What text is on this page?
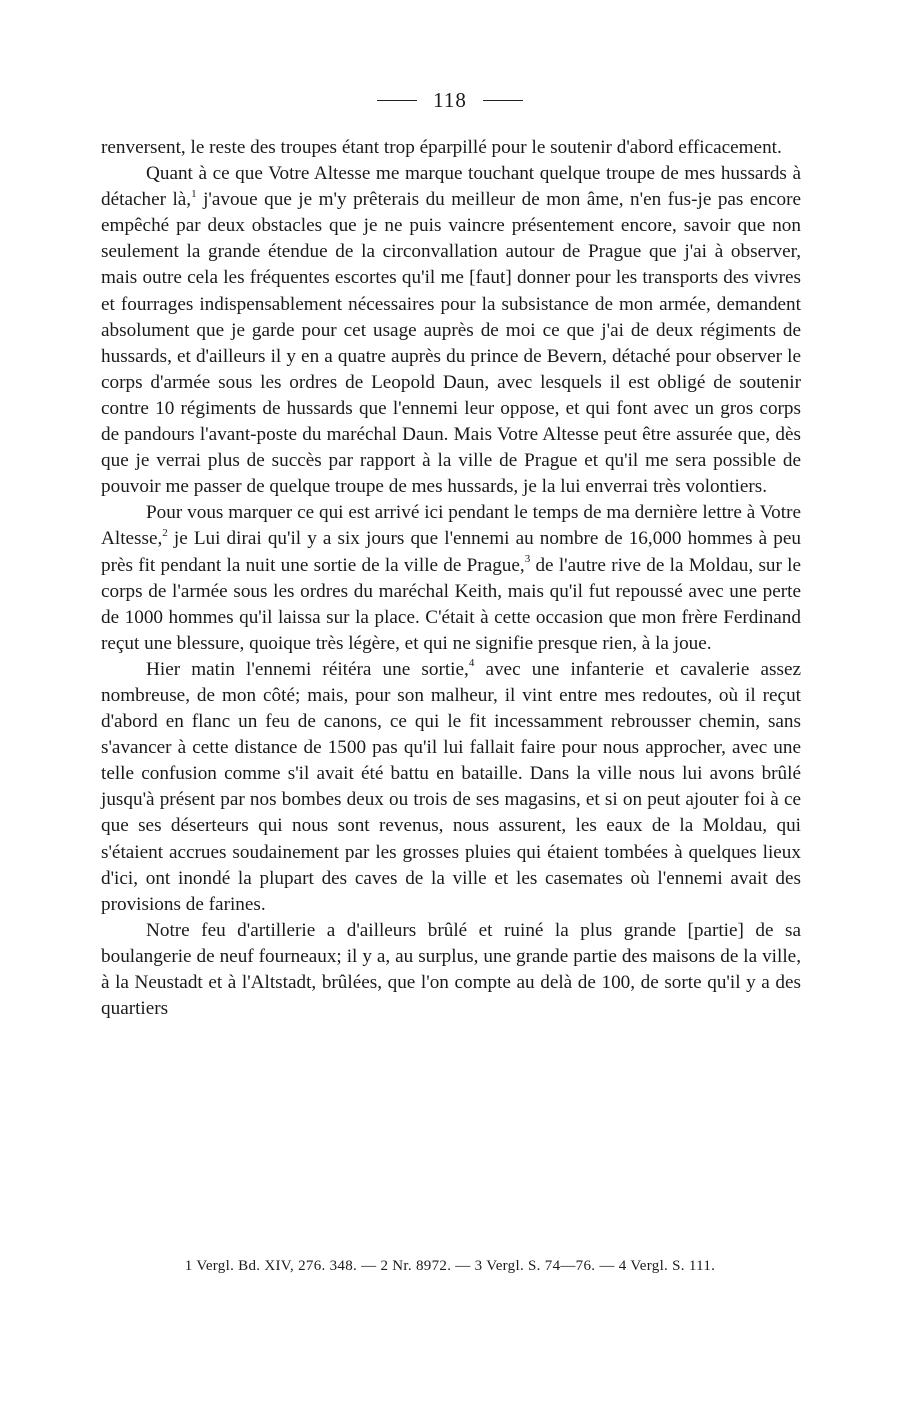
118

renversent, le reste des troupes étant trop éparpillé pour le soutenir d'abord efficacement.

Quant à ce que Votre Altesse me marque touchant quelque troupe de mes hussards à détacher là,$^1$ j'avoue que je m'y prêterais du meilleur de mon âme, n'en fus-je pas encore empêché par deux obstacles que je ne puis vaincre présentement encore, savoir que non seulement la grande étendue de la circonvallation autour de Prague que j'ai à observer, mais outre cela les fréquentes escortes qu'il me [faut] donner pour les transports des vivres et fourrages indispensablement nécessaires pour la subsistance de mon armée, demandent absolument que je garde pour cet usage auprès de moi ce que j'ai de deux régiments de hussards, et d'ailleurs il y en a quatre auprès du prince de Bevern, détaché pour observer le corps d'armée sous les ordres de Leopold Daun, avec lesquels il est obligé de soutenir contre 10 régiments de hussards que l'ennemi leur oppose, et qui font avec un gros corps de pandours l'avant-poste du maréchal Daun. Mais Votre Altesse peut être assurée que, dès que je verrai plus de succès par rapport à la ville de Prague et qu'il me sera possible de pouvoir me passer de quelque troupe de mes hussards, je la lui enverrai très volontiers.

Pour vous marquer ce qui est arrivé ici pendant le temps de ma dernière lettre à Votre Altesse,$^2$ je Lui dirai qu'il y a six jours que l'ennemi au nombre de 16,000 hommes à peu près fit pendant la nuit une sortie de la ville de Prague,$^3$ de l'autre rive de la Moldau, sur le corps de l'armée sous les ordres du maréchal Keith, mais qu'il fut repoussé avec une perte de 1000 hommes qu'il laissa sur la place. C'était à cette occasion que mon frère Ferdinand reçut une blessure, quoique très légère, et qui ne signifie presque rien, à la joue.

Hier matin l'ennemi réitéra une sortie,$^4$ avec une infanterie et cavalerie assez nombreuse, de mon côté; mais, pour son malheur, il vint entre mes redoutes, où il reçut d'abord en flanc un feu de canons, ce qui le fit incessamment rebrousser chemin, sans s'avancer à cette distance de 1500 pas qu'il lui fallait faire pour nous approcher, avec une telle confusion comme s'il avait été battu en bataille. Dans la ville nous lui avons brûlé jusqu'à présent par nos bombes deux ou trois de ses magasins, et si on peut ajouter foi à ce que ses déserteurs qui nous sont revenus, nous assurent, les eaux de la Moldau, qui s'étaient accrues soudainement par les grosses pluies qui étaient tombées à quelques lieux d'ici, ont inondé la plupart des caves de la ville et les casemates où l'ennemi avait des provisions de farines.

Notre feu d'artillerie a d'ailleurs brûlé et ruiné la plus grande [partie] de sa boulangerie de neuf fourneaux; il y a, au surplus, une grande partie des maisons de la ville, à la Neustadt et à l'Altstadt, brûlées, que l'on compte au delà de 100, de sorte qu'il y a des quartiers

1 Vergl. Bd. XIV, 276. 348. — 2 Nr. 8972. — 3 Vergl. S. 74—76. — 4 Vergl. S. 111.
